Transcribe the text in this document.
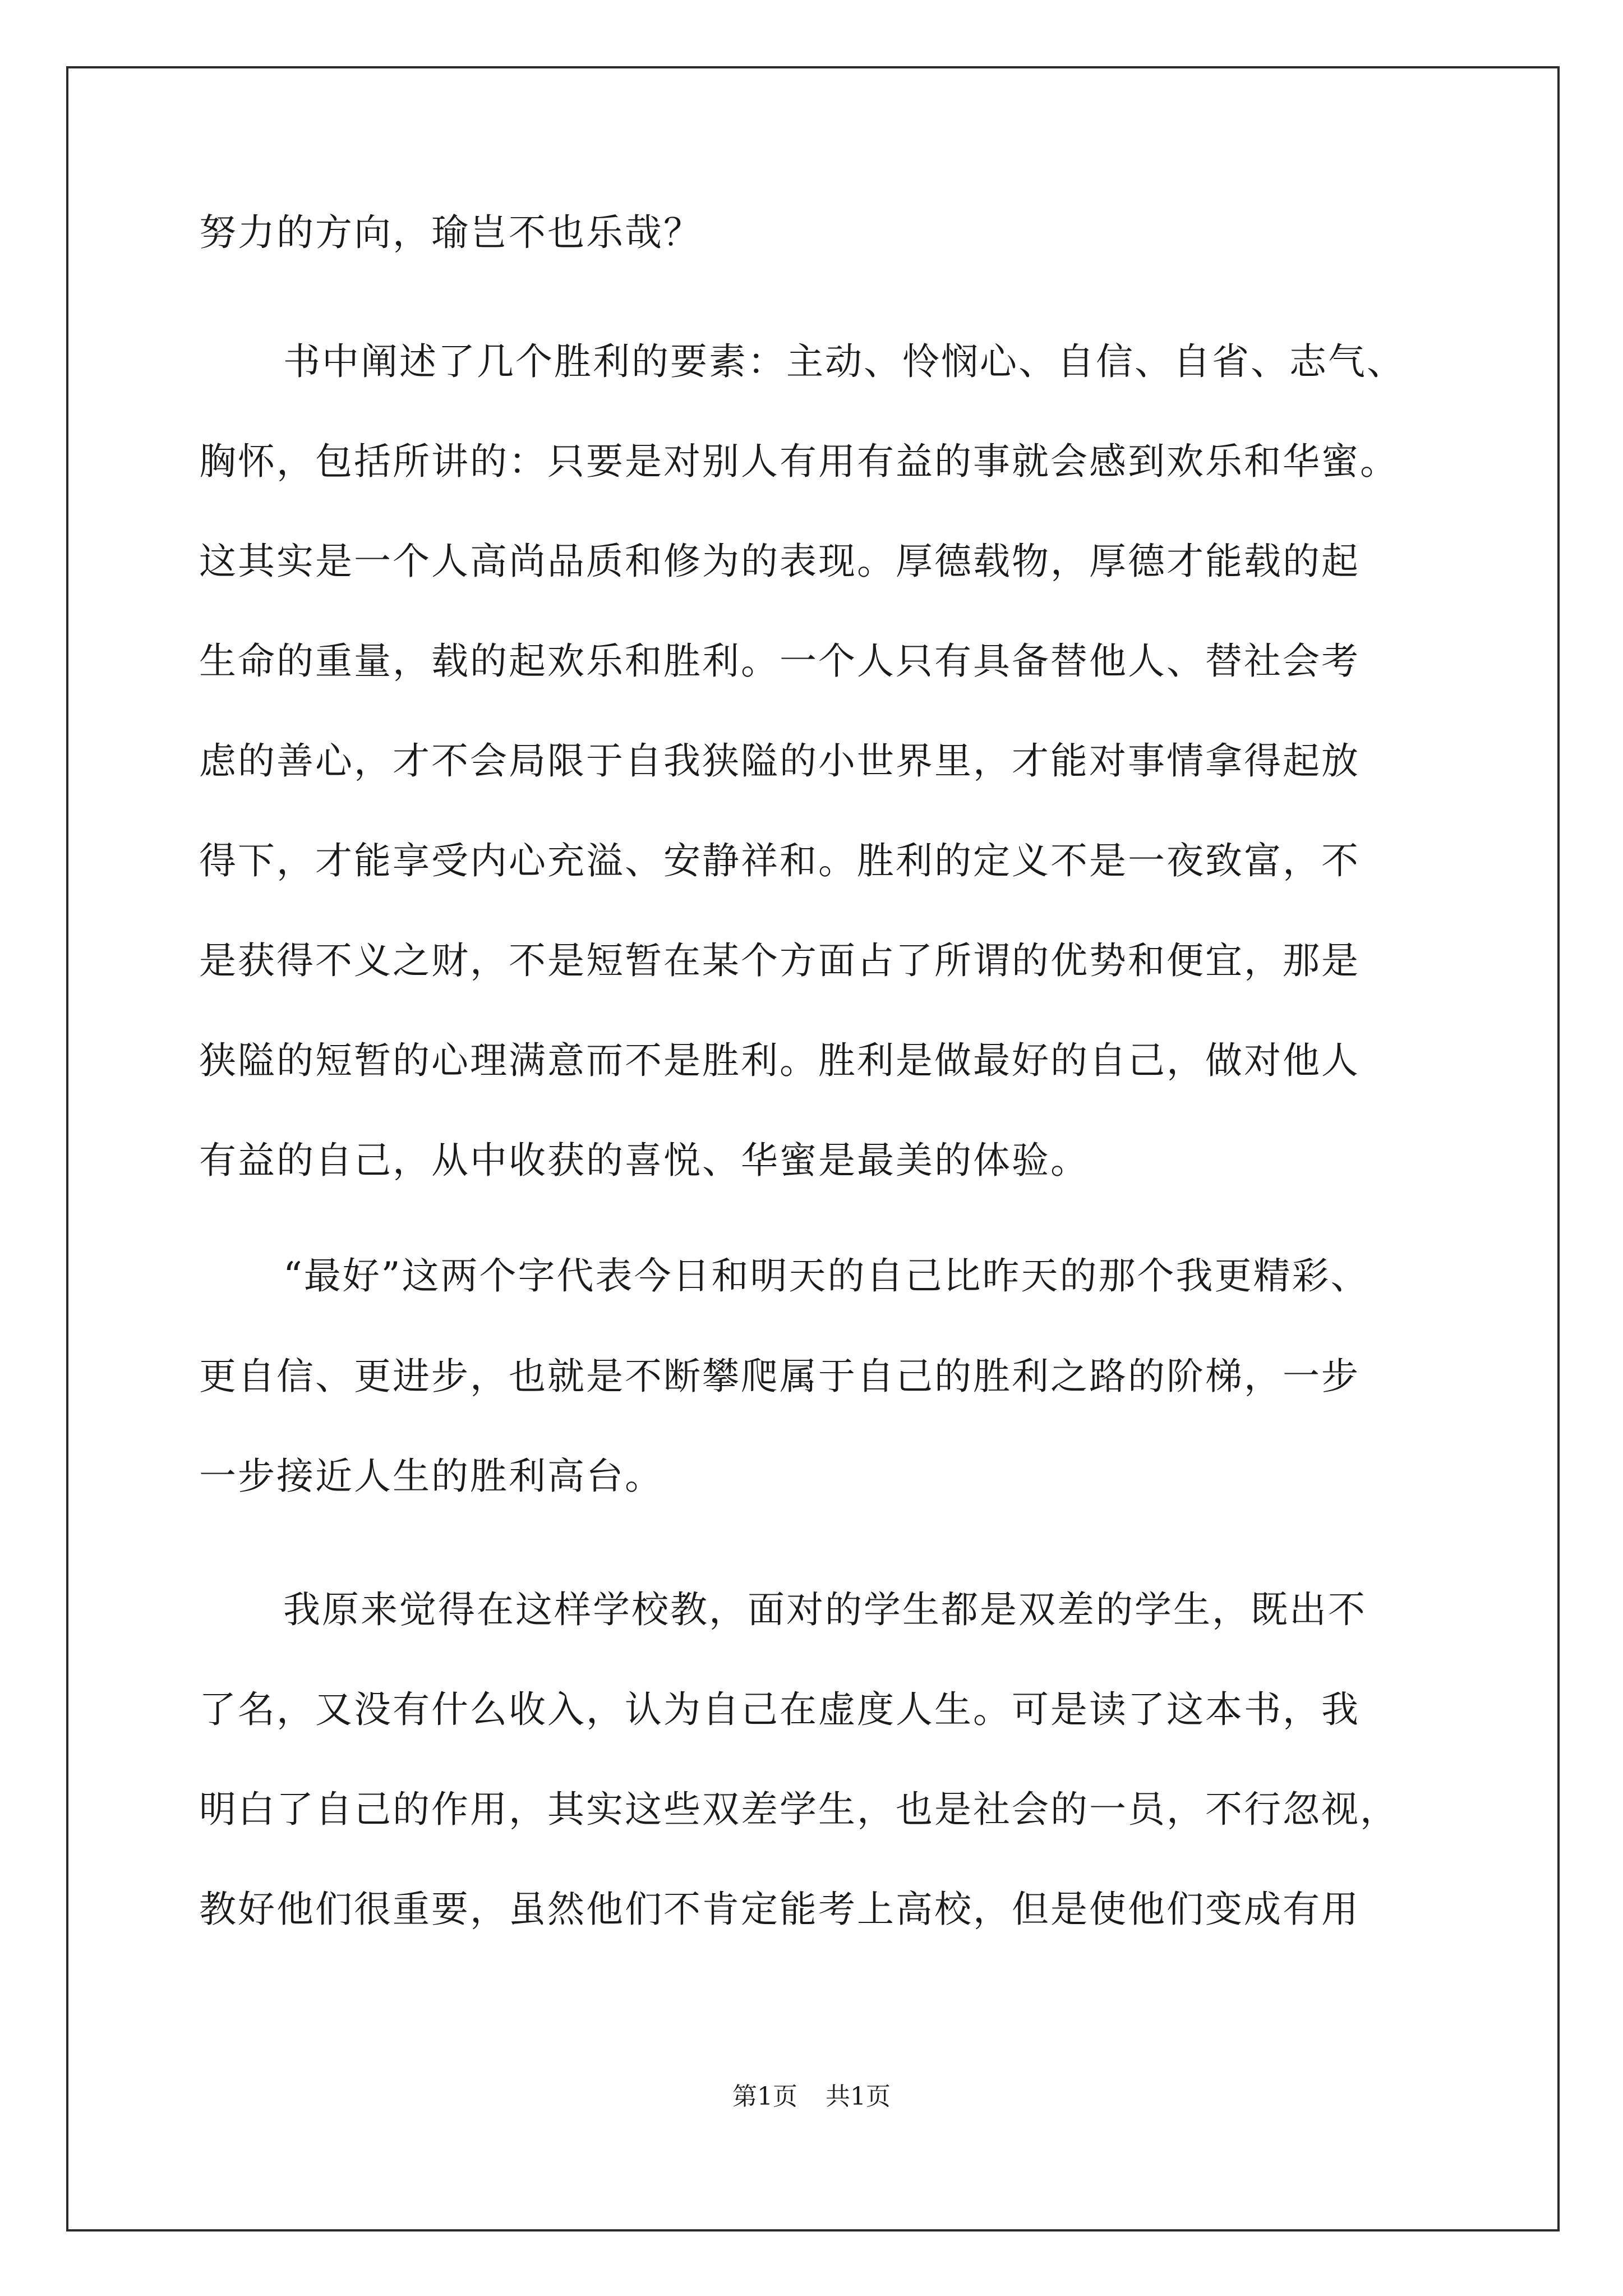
努力的方向，瑜岂不也乐哉？
书中阐述了几个胜利的要素：主动、怜悯心、自信、自省、志气、
胸怀，包括所讲的：只要是对别人有用有益的事就会感到欢乐和华蜜。
这其实是一个人高尚品质和修为的表现。厚德载物，厚德才能载的起
生命的重量，载的起欢乐和胜利。一个人只有具备替他人、替社会考
虑的善心，才不会局限于自我狭隘的小世界里，才能对事情拿得起放
得下，才能享受内心充溢、安静祥和。胜利的定义不是一夜致富，不
是获得不义之财，不是短暂在某个方面占了所谓的优势和便宜，那是
狭隘的短暂的心理满意而不是胜利。胜利是做最好的自己，做对他人
有益的自己，从中收获的喜悦、华蜜是最美的体验。
“最好”这两个字代表今日和明天的自己比昨天的那个我更精彩、
更自信、更进步，也就是不断攀爬属于自己的胜利之路的阶梯，一步
一步接近人生的胜利高台。
我原来觉得在这样学校教，面对的学生都是双差的学生，既出不
了名，又没有什么收入，认为自己在虚度人生。可是读了这本书，我
明白了自己的作用，其实这些双差学生，也是社会的一员，不行忽视，
教好他们很重要，虽然他们不肯定能考上高校，但是使他们变成有用
第1页 共1页
